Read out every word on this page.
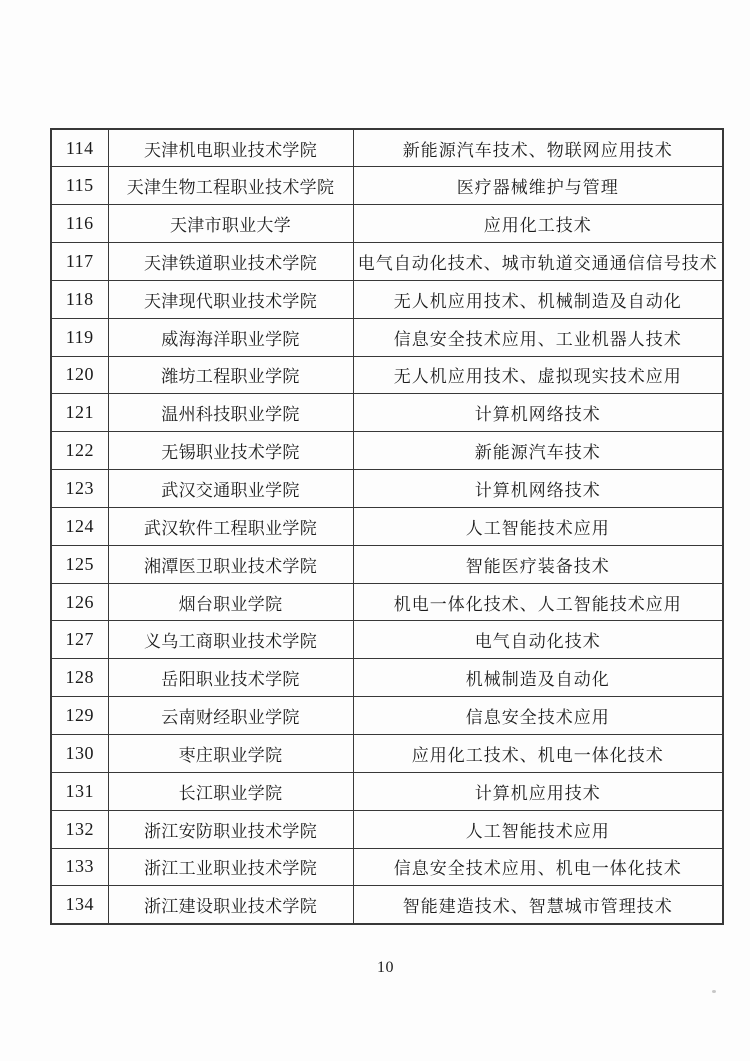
114	天津机电职业技术学院	新能源汽车技术、物联网应用技术
115	天津生物工程职业技术学院	医疗器械维护与管理
116	天津市职业大学	应用化工技术
117	天津铁道职业技术学院	电气自动化技术、城市轨道交通通信信号技术
118	天津现代职业技术学院	无人机应用技术、机械制造及自动化
119	威海海洋职业学院	信息安全技术应用、工业机器人技术
120	潍坊工程职业学院	无人机应用技术、虚拟现实技术应用
121	温州科技职业学院	计算机网络技术
122	无锡职业技术学院	新能源汽车技术
123	武汉交通职业学院	计算机网络技术
124	武汉软件工程职业学院	人工智能技术应用
125	湘潭医卫职业技术学院	智能医疗装备技术
126	烟台职业学院	机电一体化技术、人工智能技术应用
127	义乌工商职业技术学院	电气自动化技术
128	岳阳职业技术学院	机械制造及自动化
129	云南财经职业学院	信息安全技术应用
130	枣庄职业学院	应用化工技术、机电一体化技术
131	长江职业学院	计算机应用技术
132	浙江安防职业技术学院	人工智能技术应用
133	浙江工业职业技术学院	信息安全技术应用、机电一体化技术
134	浙江建设职业技术学院	智能建造技术、智慧城市管理技术
10
